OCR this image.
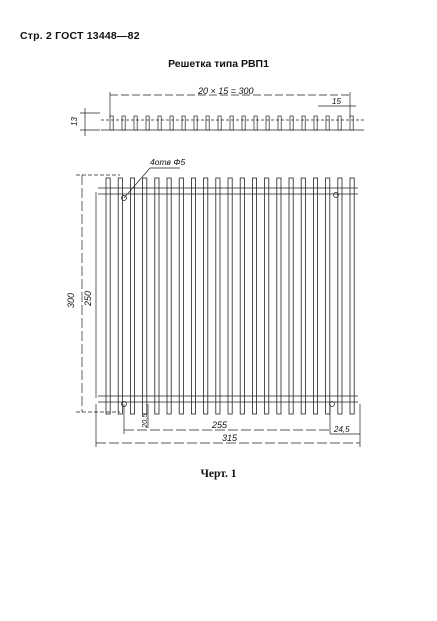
Стр. 2 ГОСТ 13448—82
Решетка типа РВП1
20 × 15 = 300
15
13
4отв Φ5
300 250
20,5	255
315
24,5
Черт. 1
